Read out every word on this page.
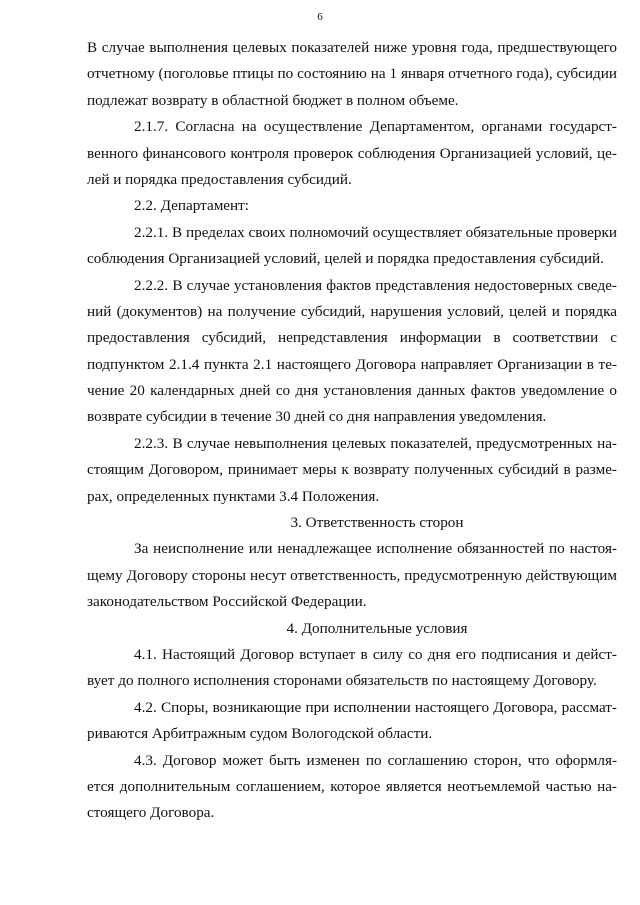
6

В случае выполнения целевых показателей ниже уровня года, предшествующего
отчетному (поголовье птицы по состоянию на 1 января отчетного года), субсидии
подлежат возврату в областной бюджет в полном объеме.

2.1.7. Согласна на осуществление Департаментом, органами государст-
венного финансового контроля проверок соблюдения Организацией условий, це-
лей и порядка предоставления субсидий.

2.2. Департамент:

2.2.1. В пределах своих полномочий осуществляет обязательные проверки
соблюдения Организацией условий, целей и порядка предоставления субсидий.

2.2.2. В случае установления фактов представления недостоверных сведе-
ний (документов) на получение субсидий, нарушения условий, целей и порядка
предоставления субсидий, непредставления информации в соответствии с
подпунктом 2.1.4 пункта 2.1 настоящего Договора направляет Организации в те-
чение 20 календарных дней со дня установления данных фактов уведомление о
возврате субсидии в течение 30 дней со дня направления уведомления.

2.2.3. В случае невыполнения целевых показателей, предусмотренных на-
стоящим Договором, принимает меры к возврату полученных субсидий в разме-
рах, определенных пунктами 3.4 Положения.

3. Ответственность сторон

За неисполнение или ненадлежащее исполнение обязанностей по настоя-
щему Договору стороны несут ответственность, предусмотренную действующим
законодательством Российской Федерации.

4. Дополнительные условия

4.1. Настоящий Договор вступает в силу со дня его подписания и дейст-
вует до полного исполнения сторонами обязательств по настоящему Договору.

4.2. Споры, возникающие при исполнении настоящего Договора, рассмат-
риваются Арбитражным судом Вологодской области.

4.3. Договор может быть изменен по соглашению сторон, что оформля-
ется дополнительным соглашением, которое является неотъемлемой частью на-
стоящего Договора.
